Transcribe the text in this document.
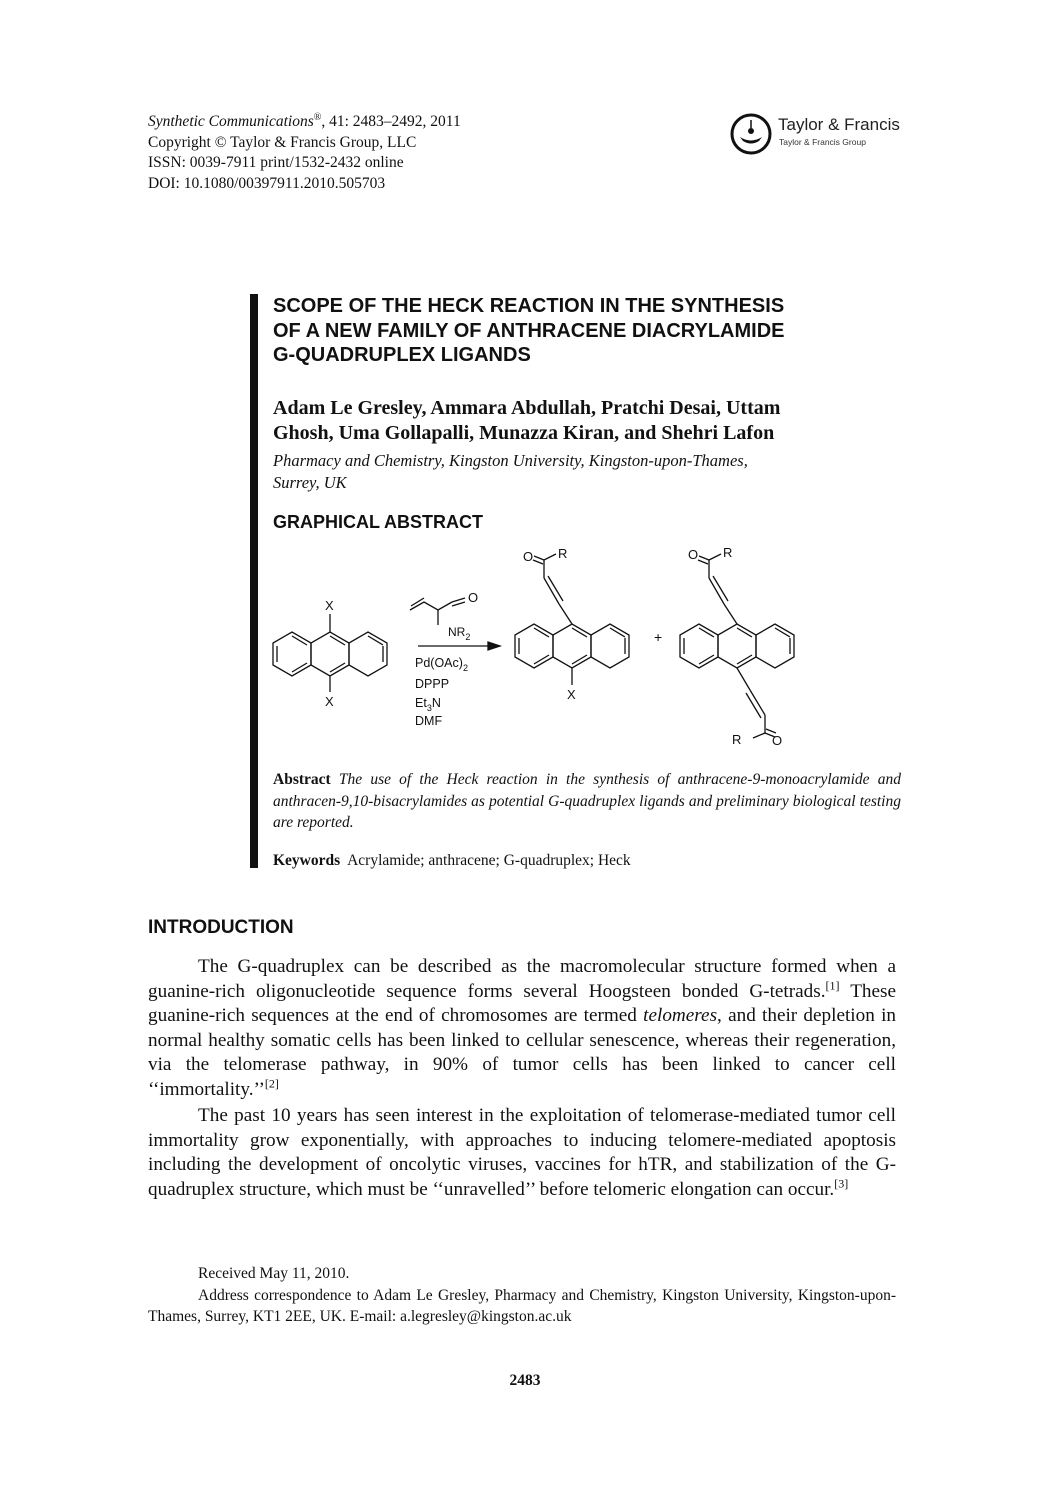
Synthetic Communications®, 41: 2483–2492, 2011
Copyright © Taylor & Francis Group, LLC
ISSN: 0039-7911 print/1532-2432 online
DOI: 10.1080/00397911.2010.505703
Taylor & Francis
Taylor & Francis Group
SCOPE OF THE HECK REACTION IN THE SYNTHESIS
OF A NEW FAMILY OF ANTHRACENE DIACRYLAMIDE
G-QUADRUPLEX LIGANDS
Adam Le Gresley, Ammara Abdullah, Pratchi Desai, Uttam
Ghosh, Uma Gollapalli, Munazza Kiran, and Shehri Lafon
Pharmacy and Chemistry, Kingston University, Kingston-upon-Thames,
Surrey, UK
GRAPHICAL ABSTRACT
X
X
O
$NR_2$
$Pd(OAc)_2$
DPPP
$Et_3N$
DMF
O R
X
+
O R
R O
Abstract The use of the Heck reaction in the synthesis of anthracene-9-monoacrylamide and anthracen-9,10-bisacrylamides as potential G-quadruplex ligands and preliminary biological testing are reported.
Keywords Acrylamide; anthracene; G-quadruplex; Heck
INTRODUCTION

The G-quadruplex can be described as the macromolecular structure formed when a guanine-rich oligonucleotide sequence forms several Hoogsteen bonded G-tetrads.[1] These guanine-rich sequences at the end of chromosomes are termed telomeres, and their depletion in normal healthy somatic cells has been linked to cellular senescence, whereas their regeneration, via the telomerase pathway, in 90% of tumor cells has been linked to cancer cell ‘‘immortality.’’[2]

The past 10 years has seen interest in the exploitation of telomerase-mediated tumor cell immortality grow exponentially, with approaches to inducing telomere-mediated apoptosis including the development of oncolytic viruses, vaccines for hTR, and stabilization of the G-quadruplex structure, which must be ‘‘unravelled’’ before telomeric elongation can occur.[3]

Received May 11, 2010.

Address correspondence to Adam Le Gresley, Pharmacy and Chemistry, Kingston University, Kingston-upon-Thames, Surrey, KT1 2EE, UK. E-mail: a.legresley@kingston.ac.uk

2483
